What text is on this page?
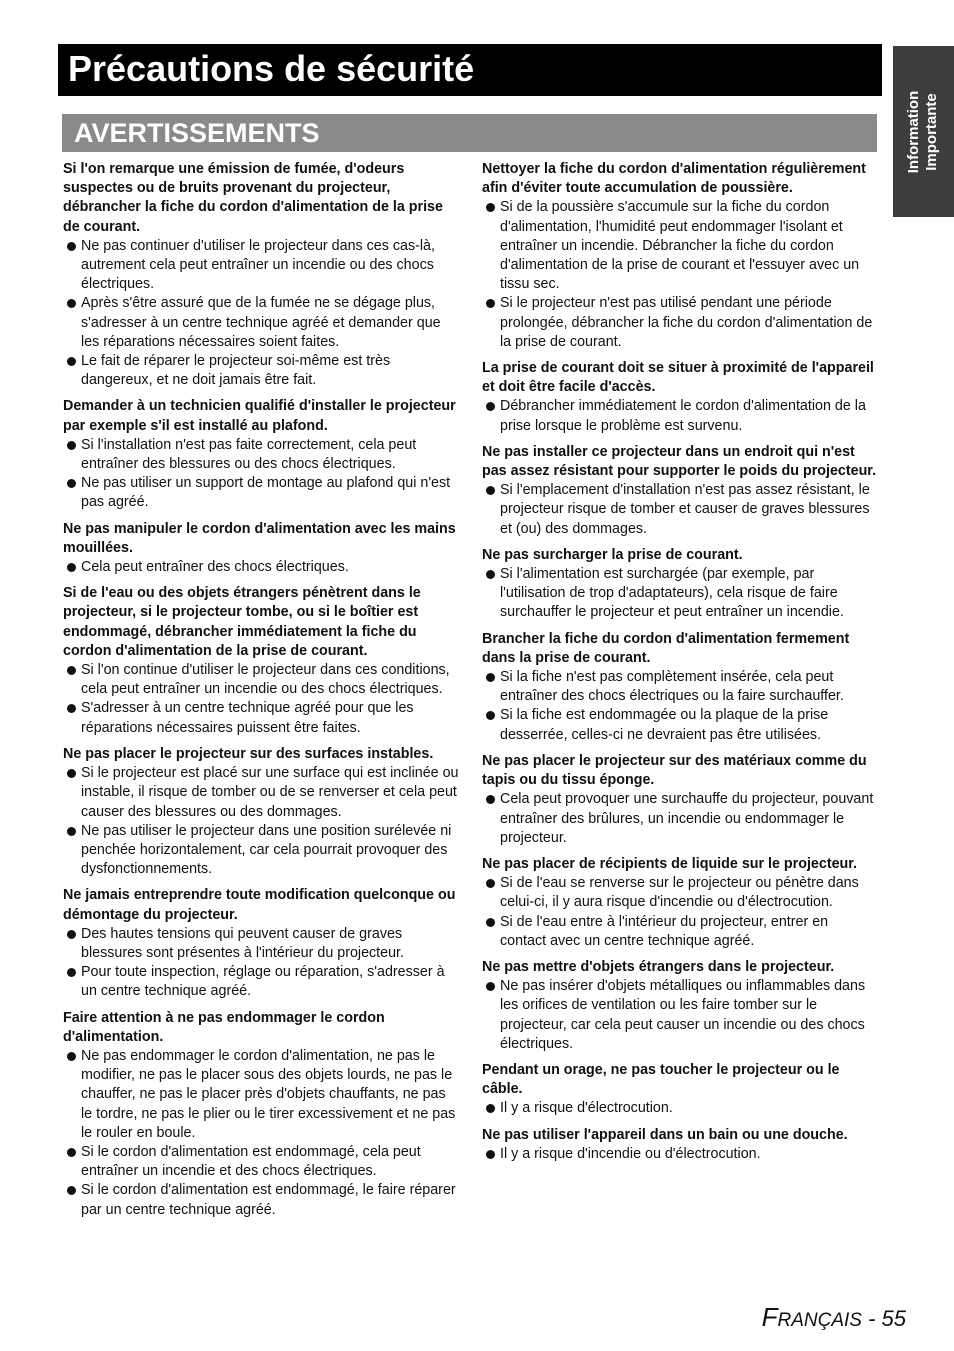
Précautions de sécurité
AVERTISSEMENTS	Information Importante

Si l'on remarque une émission de fumée, d'odeurs suspectes ou de bruits provenant du projecteur, débrancher la fiche du cordon d'alimentation de la prise de courant.

Ne pas continuer d'utiliser le projecteur dans ces cas-là, autrement cela peut entraîner un incendie ou des chocs électriques.
Après s'être assuré que de la fumée ne se dégage plus, s'adresser à un centre technique agréé et demander que les réparations nécessaires soient faites.
Le fait de réparer le projecteur soi-même est très dangereux, et ne doit jamais être fait.

Demander à un technicien qualifié d'installer le projecteur par exemple s'il est installé au plafond.

Si l'installation n'est pas faite correctement, cela peut entraîner des blessures ou des chocs électriques.
Ne pas utiliser un support de montage au plafond qui n'est pas agréé.

Ne pas manipuler le cordon d'alimentation avec les mains mouillées.

Cela peut entraîner des chocs électriques.

Si de l'eau ou des objets étrangers pénètrent dans le projecteur, si le projecteur tombe, ou si le boîtier est endommagé, débrancher immédiatement la fiche du cordon d'alimentation de la prise de courant.

Si l'on continue d'utiliser le projecteur dans ces conditions, cela peut entraîner un incendie ou des chocs électriques.
S'adresser à un centre technique agréé pour que les réparations nécessaires puissent être faites.

Ne pas placer le projecteur sur des surfaces instables.

Si le projecteur est placé sur une surface qui est inclinée ou instable, il risque de tomber ou de se renverser et cela peut causer des blessures ou des dommages.
Ne pas utiliser le projecteur dans une position surélevée ni penchée horizontalement, car cela pourrait provoquer des dysfonctionnements.

Ne jamais entreprendre toute modification quelconque ou démontage du projecteur.

Des hautes tensions qui peuvent causer de graves blessures sont présentes à l'intérieur du projecteur.
Pour toute inspection, réglage ou réparation, s'adresser à un centre technique agréé.

Faire attention à ne pas endommager le cordon d'alimentation.

Ne pas endommager le cordon d'alimentation, ne pas le modifier, ne pas le placer sous des objets lourds, ne pas le chauffer, ne pas le placer près d'objets chauffants, ne pas le tordre, ne pas le plier ou le tirer excessivement et ne pas le rouler en boule.
Si le cordon d'alimentation est endommagé, cela peut entraîner un incendie et des chocs électriques.
Si le cordon d'alimentation est endommagé, le faire réparer par un centre technique agréé.

Nettoyer la fiche du cordon d'alimentation régulièrement afin d'éviter toute accumulation de poussière.

Si de la poussière s'accumule sur la fiche du cordon d'alimentation, l'humidité peut endommager l'isolant et entraîner un incendie. Débrancher la fiche du cordon d'alimentation de la prise de courant et l'essuyer avec un tissu sec.
Si le projecteur n'est pas utilisé pendant une période prolongée, débrancher la fiche du cordon d'alimentation de la prise de courant.

La prise de courant doit se situer à proximité de l'appareil et doit être facile d'accès.

Débrancher immédiatement le cordon d'alimentation de la prise lorsque le problème est survenu.

Ne pas installer ce projecteur dans un endroit qui n'est pas assez résistant pour supporter le poids du projecteur.

Si l'emplacement d'installation n'est pas assez résistant, le projecteur risque de tomber et causer de graves blessures et (ou) des dommages.

Ne pas surcharger la prise de courant.

Si l'alimentation est surchargée (par exemple, par l'utilisation de trop d'adaptateurs), cela risque de faire surchauffer le projecteur et peut entraîner un incendie.

Brancher la fiche du cordon d'alimentation fermement dans la prise de courant.

Si la fiche n'est pas complètement insérée, cela peut entraîner des chocs électriques ou la faire surchauffer.
Si la fiche est endommagée ou la plaque de la prise desserrée, celles-ci ne devraient pas être utilisées.

Ne pas placer le projecteur sur des matériaux comme du tapis ou du tissu éponge.

Cela peut provoquer une surchauffe du projecteur, pouvant entraîner des brûlures, un incendie ou endommager le projecteur.

Ne pas placer de récipients de liquide sur le projecteur.

Si de l'eau se renverse sur le projecteur ou pénètre dans celui-ci, il y aura risque d'incendie ou d'électrocution.
Si de l'eau entre à l'intérieur du projecteur, entrer en contact avec un centre technique agréé.

Ne pas mettre d'objets étrangers dans le projecteur.

Ne pas insérer d'objets métalliques ou inflammables dans les orifices de ventilation ou les faire tomber sur le projecteur, car cela peut causer un incendie ou des chocs électriques.

Pendant un orage, ne pas toucher le projecteur ou le câble.

Il y a risque d'électrocution.

Ne pas utiliser l'appareil dans un bain ou une douche.

Il y a risque d'incendie ou d'électrocution.
FRANÇAIS - 55
